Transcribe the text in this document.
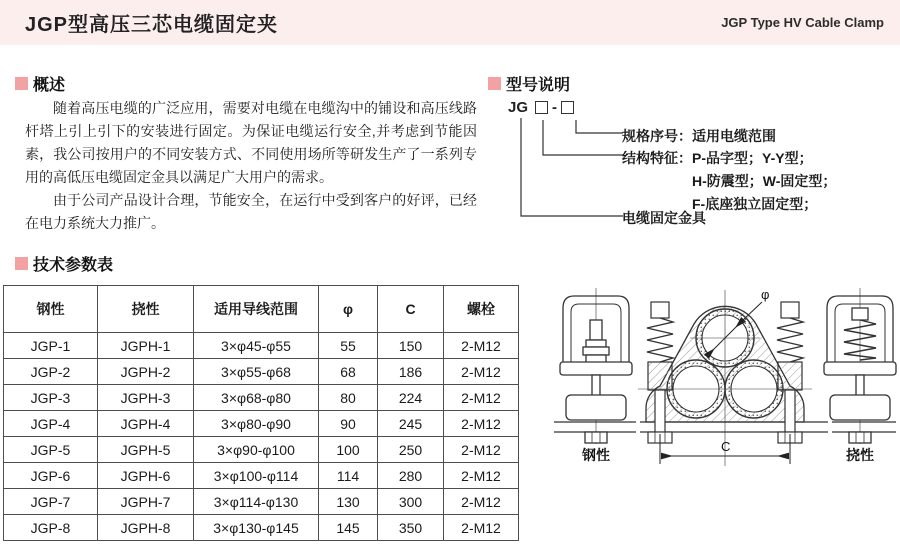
JGP型高压三芯电缆固定夹	JGP Type HV Cable Clamp
概述

随着高压电缆的广泛应用，需要对电缆在电缆沟中的铺设和高压线路杆塔上引上引下的安装进行固定。为保证电缆运行安全,并考虑到节能因素，我公司按用户的不同安装方式、不同使用场所等研发生产了一系列专用的高低压电缆固定金具以满足广大用户的需求。

由于公司产品设计合理，节能安全，在运行中受到客户的好评，已经在电力系统大力推广。

型号说明
JG -
规格序号：适用电缆范围
结构特征：P-品字型；Y-Y型；
H-防震型；W-固定型；
F-底座独立固定型；
电缆固定金具
技术参数表
钢性	挠性	适用导线范围	φ	C	螺栓
JGP-1	JGPH-1	3×φ45-φ55	55	150	2-M12
JGP-2	JGPH-2	3×φ55-φ68	68	186	2-M12
JGP-3	JGPH-3	3×φ68-φ80	80	224	2-M12
JGP-4	JGPH-4	3×φ80-φ90	90	245	2-M12
JGP-5	JGPH-5	3×φ90-φ100	100	250	2-M12
JGP-6	JGPH-6	3×φ100-φ114	114	280	2-M12
JGP-7	JGPH-7	3×φ114-φ130	130	300	2-M12
JGP-8	JGPH-8	3×φ130-φ145	145	350	2-M12
φ
C
钢性	挠性
